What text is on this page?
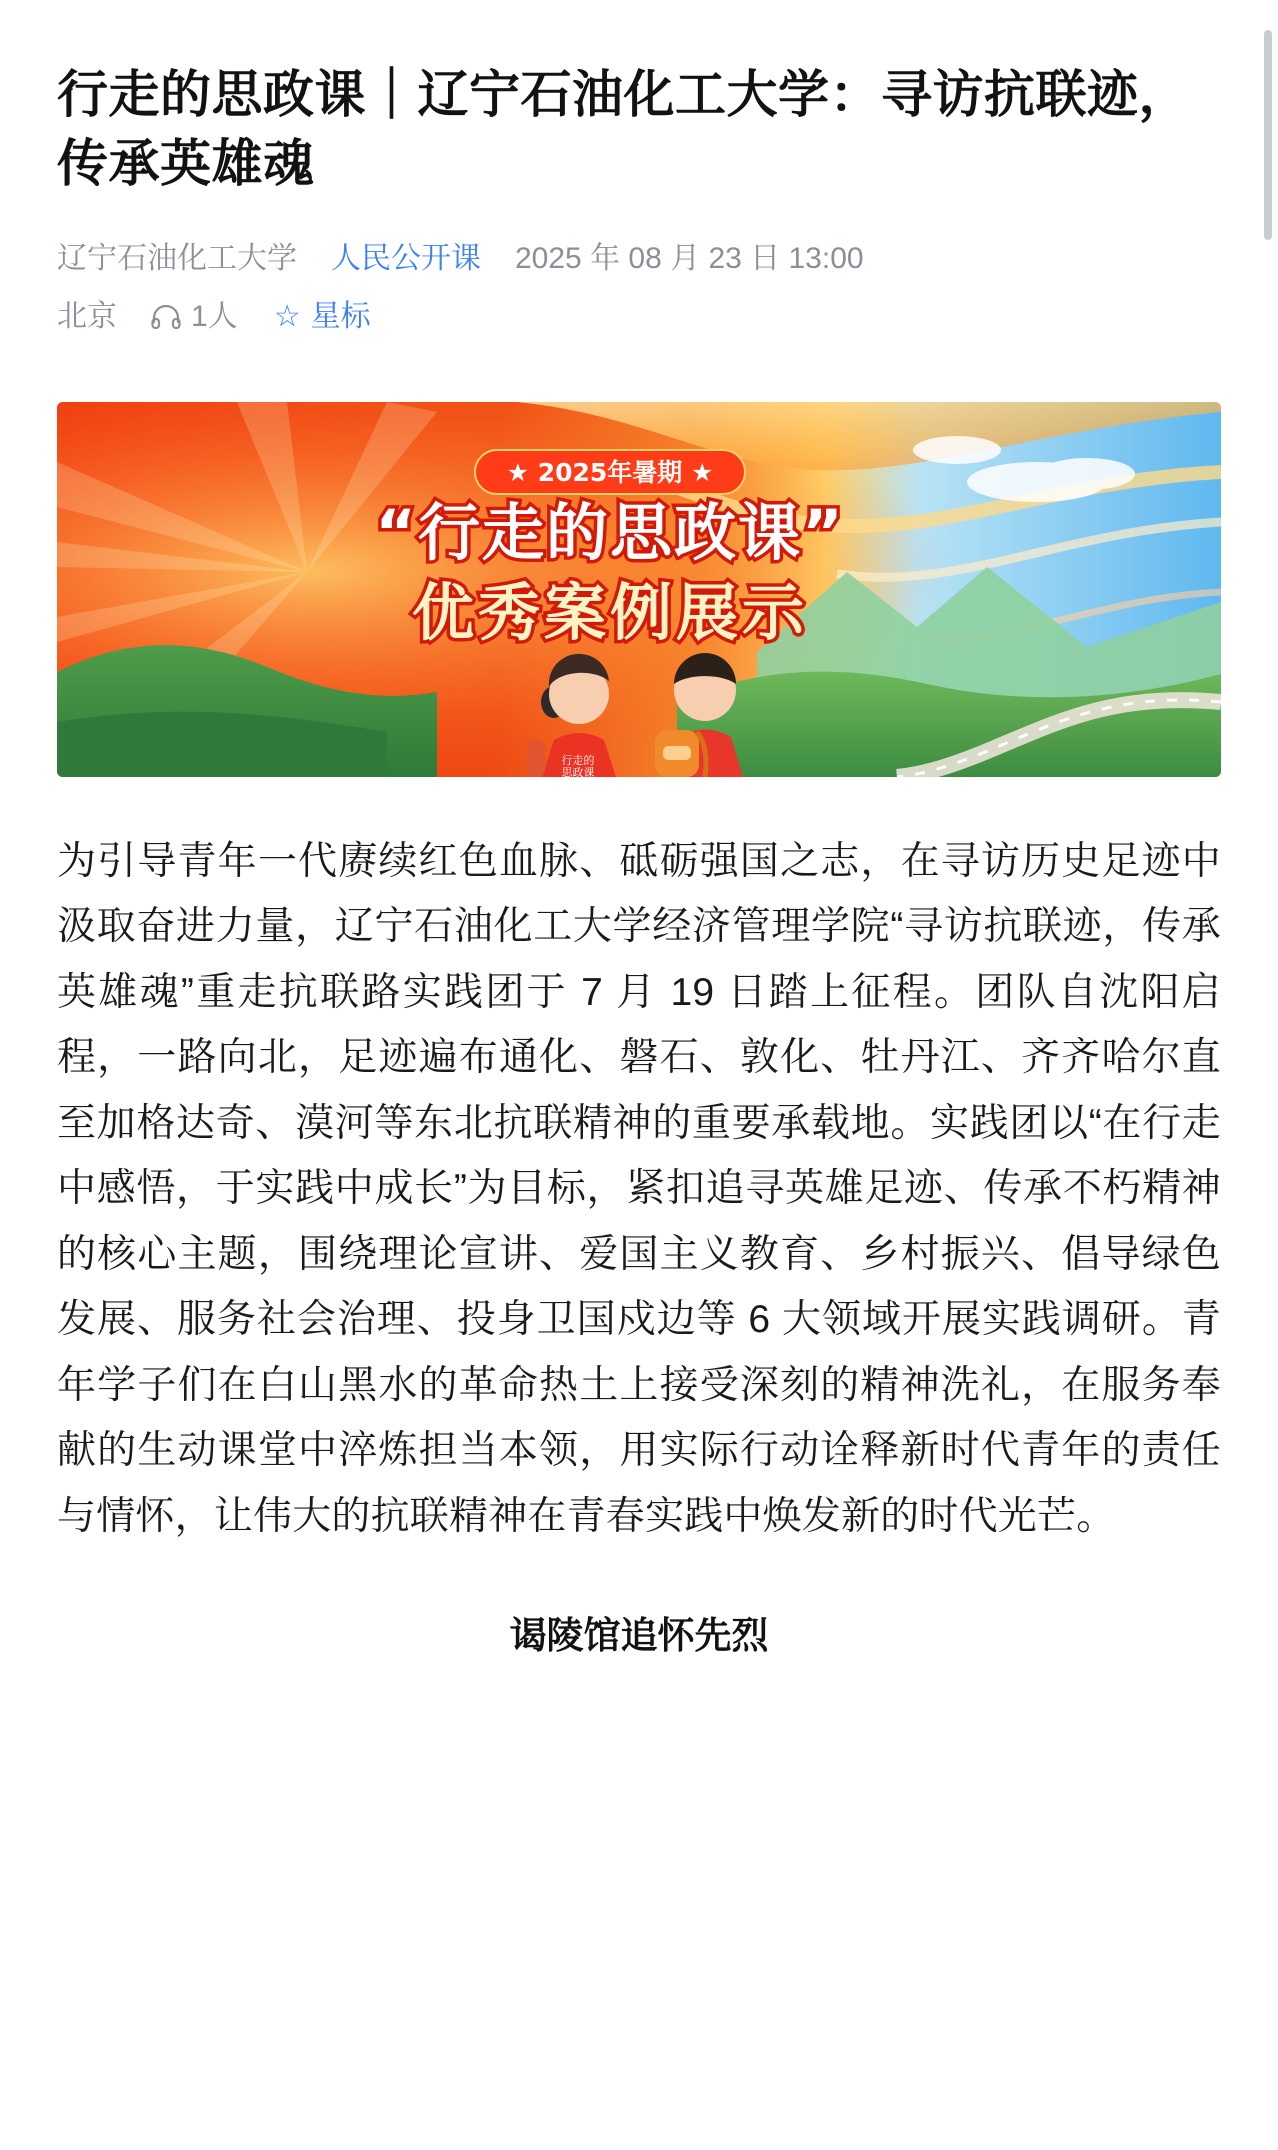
行走的思政课｜辽宁石油化工大学：寻访抗联迹，传承英雄魂
辽宁石油化工大学 人民公开课 2025 年 08 月 23 日 13:00
北京 1人 ☆ 星标
★ 2025年暑期 ★
“行走的思政课”
优秀案例展示
行走的
思政课

为引导青年一代赓续红色血脉、砥砺强国之志，在寻访历史足迹中汲取奋进力量，辽宁石油化工大学经济管理学院“寻访抗联迹，传承英雄魂”重走抗联路实践团于 7 月 19 日踏上征程。团队自沈阳启程，一路向北，足迹遍布通化、磐石、敦化、牡丹江、齐齐哈尔直至加格达奇、漠河等东北抗联精神的重要承载地。实践团以“在行走中感悟，于实践中成长”为目标，紧扣追寻英雄足迹、传承不朽精神的核心主题，围绕理论宣讲、爱国主义教育、乡村振兴、倡导绿色发展、服务社会治理、投身卫国戍边等 6 大领域开展实践调研。青年学子们在白山黑水的革命热土上接受深刻的精神洗礼，在服务奉献的生动课堂中淬炼担当本领，用实际行动诠释新时代青年的责任与情怀，让伟大的抗联精神在青春实践中焕发新的时代光芒。

谒陵馆追怀先烈
